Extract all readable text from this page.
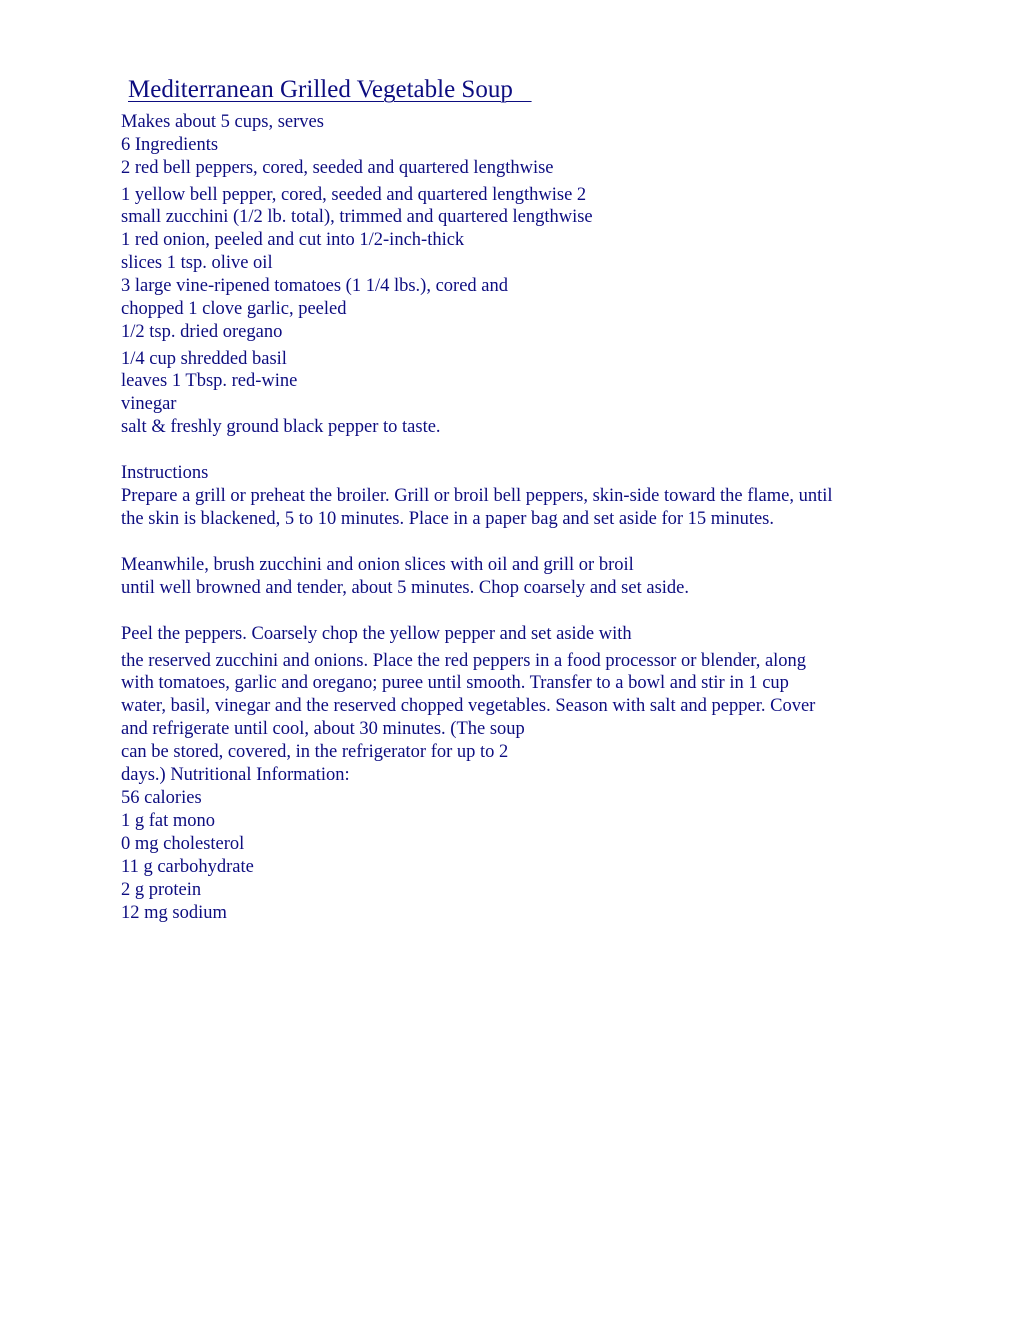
Mediterranean Grilled Vegetable Soup
Makes about 5 cups, serves
6 Ingredients
2 red bell peppers, cored, seeded and quartered lengthwise
1 yellow bell pepper, cored, seeded and quartered lengthwise 2
small zucchini (1/2 lb. total), trimmed and quartered lengthwise
1 red onion, peeled and cut into 1/2-inch-thick
slices 1 tsp. olive oil
3 large vine-ripened tomatoes (1 1/4 lbs.), cored and
chopped 1 clove garlic, peeled
1/2 tsp. dried oregano
1/4 cup shredded basil
leaves 1 Tbsp. red-wine
vinegar
salt & freshly ground black pepper to taste.
Instructions
Prepare a grill or preheat the broiler. Grill or broil bell peppers, skin-side toward the flame, until
the skin is blackened, 5 to 10 minutes. Place in a paper bag and set aside for 15 minutes.
Meanwhile, brush zucchini and onion slices with oil and grill or broil
until well browned and tender, about 5 minutes. Chop coarsely and set aside.
Peel the peppers. Coarsely chop the yellow pepper and set aside with
the reserved zucchini and onions. Place the red peppers in a food processor or blender, along
with tomatoes, garlic and oregano; puree until smooth. Transfer to a bowl and stir in 1 cup
water, basil, vinegar and the reserved chopped vegetables. Season with salt and pepper. Cover
and refrigerate until cool, about 30 minutes. (The soup
can be stored, covered, in the refrigerator for up to 2
days.) Nutritional Information:
56 calories
1 g fat mono
0 mg cholesterol
11 g carbohydrate
2 g protein
12 mg sodium
